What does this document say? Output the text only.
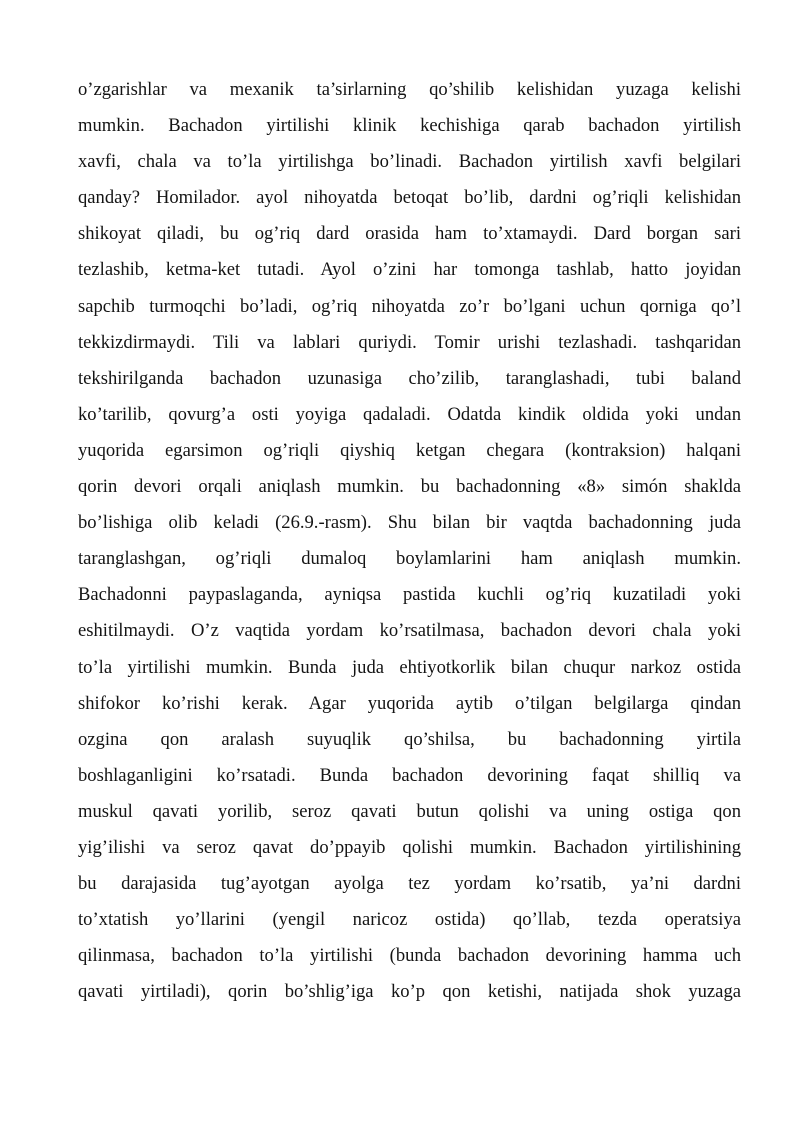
o’zgarishlar va mexanik ta’sirlarning qo’shilib kelishidan yuzaga kelishi
mumkin. Bachadon yirtilishi klinik kechishiga qarab bachadon yirtilish
xavfi, chala va to’la yirtilishga bo’linadi. Bachadon yirtilish xavfi belgilari
qanday? Homilador. ayol nihoyatda betoqat bo’lib, dardni og’riqli kelishidan
shikoyat qiladi, bu og’riq dard orasida ham to’xtamaydi. Dard borgan sari
tezlashib, ketma-ket tutadi. Ayol o’zini har tomonga tashlab, hatto joyidan
sapchib turmoqchi bo’ladi, og’riq nihoyatda zo’r bo’lgani uchun qorniga qo’l
tekkizdirmaydi. Tili va lablari quriydi. Tomir urishi tezlashadi. tashqaridan
tekshirilganda bachadon uzunasiga cho’zilib, taranglashadi, tubi baland
ko’tarilib, qovurg’a osti yoyiga qadaladi. Odatda kindik oldida yoki undan
yuqorida egarsimon og’riqli qiyshiq ketgan chegara (kontraksion) halqani
qorin devori orqali aniqlash mumkin. bu bachadonning «8» simón shaklda
bo’lishiga olib keladi (26.9.-rasm). Shu bilan bir vaqtda bachadonning juda
taranglashgan, og’riqli dumaloq boylamlarini ham aniqlash mumkin.
Bachadonni paypaslaganda, ayniqsa pastida kuchli og’riq kuzatiladi yoki
eshitilmaydi. O’z vaqtida yordam ko’rsatilmasa, bachadon devori chala yoki
to’la yirtilishi mumkin. Bunda juda ehtiyotkorlik bilan chuqur narkoz ostida
shifokor ko’rishi kerak. Agar yuqorida aytib o’tilgan belgilarga qindan
ozgina qon aralash suyuqlik qo’shilsa, bu bachadonning yirtila
boshlaganligini ko’rsatadi. Bunda bachadon devorining faqat shilliq va
muskul qavati yorilib, seroz qavati butun qolishi va uning ostiga qon
yig’ilishi va seroz qavat do’ppayib qolishi mumkin. Bachadon yirtilishining
bu darajasida tug’ayotgan ayolga tez yordam ko’rsatib, ya’ni dardni
to’xtatish yo’llarini (yengil naricoz ostida) qo’llab, tezda operatsiya
qilinmasa, bachadon to’la yirtilishi (bunda bachadon devorining hamma uch
qavati yirtiladi), qorin bo’shlig’iga ko’p qon ketishi, natijada shok yuzaga
